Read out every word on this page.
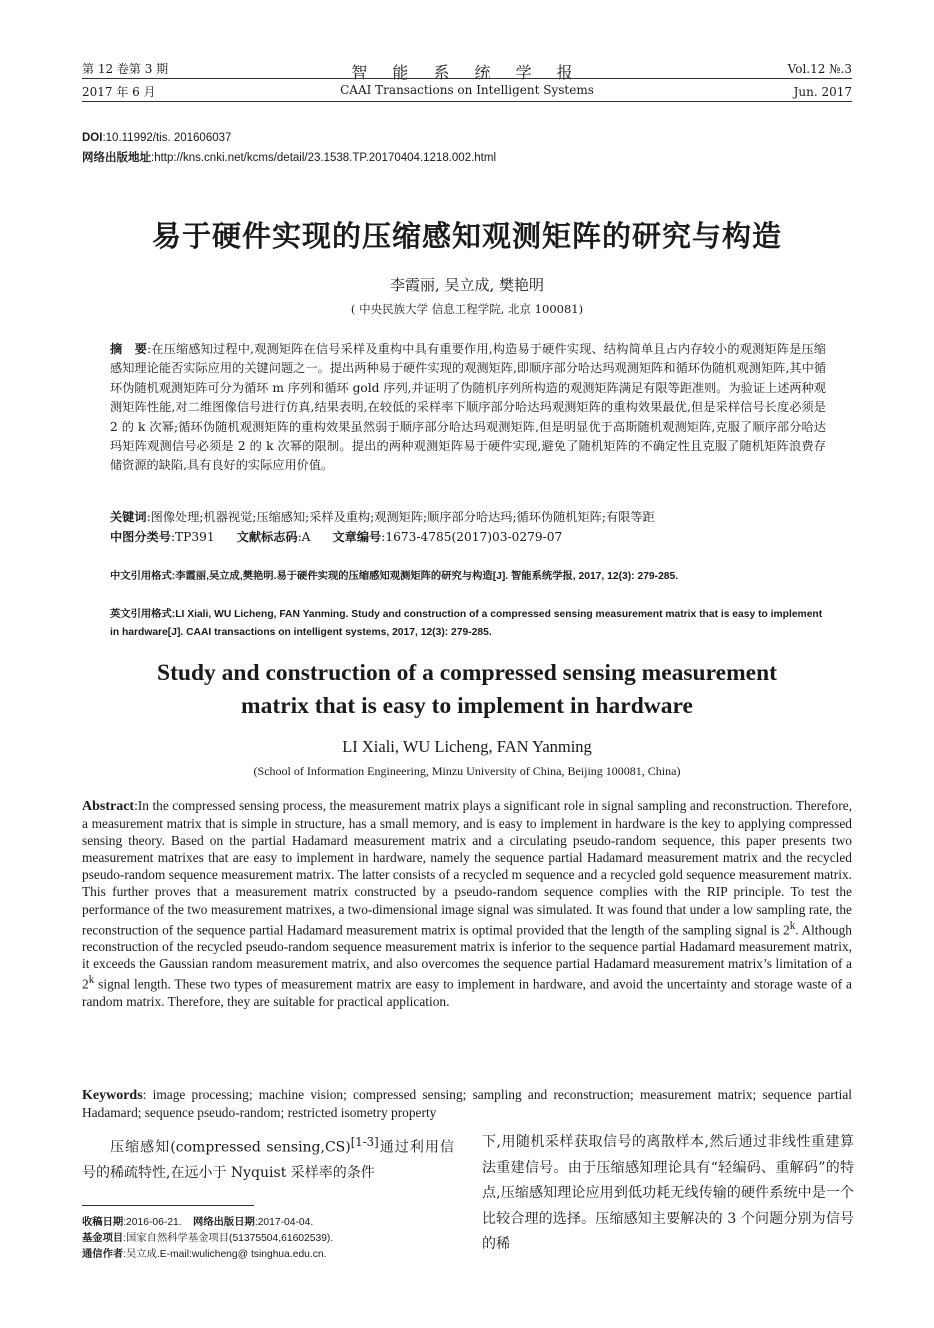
第 12 卷第 3 期	智 能 系 统 学 报	Vol.12 №.3
2017 年 6 月	CAAI Transactions on Intelligent Systems	Jun. 2017
DOI:10.11992/tis. 201606037
网络出版地址:http://kns.cnki.net/kcms/detail/23.1538.TP.20170404.1218.002.html
易于硬件实现的压缩感知观测矩阵的研究与构造
李霞丽, 吴立成, 樊艳明
( 中央民族大学 信息工程学院, 北京 100081)
摘　要:在压缩感知过程中,观测矩阵在信号采样及重构中具有重要作用,构造易于硬件实现、结构简单且占内存较小的观测矩阵是压缩感知理论能否实际应用的关键问题之一。提出两种易于硬件实现的观测矩阵,即顺序部分哈达玛观测矩阵和循环伪随机观测矩阵,其中循环伪随机观测矩阵可分为循环 m 序列和循环 gold 序列,并证明了伪随机序列所构造的观测矩阵满足有限等距准则。为验证上述两种观测矩阵性能,对二维图像信号进行仿真,结果表明,在较低的采样率下顺序部分哈达玛观测矩阵的重构效果最优,但是采样信号长度必须是 2 的 k 次幂;循环伪随机观测矩阵的重构效果虽然弱于顺序部分哈达玛观测矩阵,但是明显优于高斯随机观测矩阵,克服了顺序部分哈达玛矩阵观测信号必须是 2 的 k 次幂的限制。提出的两种观测矩阵易于硬件实现,避免了随机矩阵的不确定性且克服了随机矩阵浪费存储资源的缺陷,具有良好的实际应用价值。
关键词:图像处理;机器视觉;压缩感知;采样及重构;观测矩阵;顺序部分哈达玛;循环伪随机矩阵;有限等距
中图分类号:TP391 文献标志码:A 文章编号:1673-4785(2017)03-0279-07
中文引用格式:李霞丽,吴立成,樊艳明.易于硬件实现的压缩感知观测矩阵的研究与构造[J]. 智能系统学报, 2017, 12(3): 279-285.
英文引用格式:LI Xiali, WU Licheng, FAN Yanming. Study and construction of a compressed sensing measurement matrix that is easy to implement in hardware[J]. CAAI transactions on intelligent systems, 2017, 12(3): 279-285.
Study and construction of a compressed sensing measurement
matrix that is easy to implement in hardware
LI Xiali, WU Licheng, FAN Yanming
(School of Information Engineering, Minzu University of China, Beijing 100081, China)
Abstract:In the compressed sensing process, the measurement matrix plays a significant role in signal sampling and reconstruction. Therefore, a measurement matrix that is simple in structure, has a small memory, and is easy to implement in hardware is the key to applying compressed sensing theory. Based on the partial Hadamard measurement matrix and a circulating pseudo-random sequence, this paper presents two measurement matrixes that are easy to implement in hardware, namely the sequence partial Hadamard measurement matrix and the recycled pseudo-random sequence measurement matrix. The latter consists of a recycled m sequence and a recycled gold sequence measurement matrix. This further proves that a measurement matrix constructed by a pseudo-random sequence complies with the RIP principle. To test the performance of the two measurement matrixes, a two-dimensional image signal was simulated. It was found that under a low sampling rate, the reconstruction of the sequence partial Hadamard measurement matrix is optimal provided that the length of the sampling signal is 2$^k$. Although reconstruction of the recycled pseudo-random sequence measurement matrix is inferior to the sequence partial Hadamard measurement matrix, it exceeds the Gaussian random measurement matrix, and also overcomes the sequence partial Hadamard measurement matrix’s limitation of a 2$^k$ signal length. These two types of measurement matrix are easy to implement in hardware, and avoid the uncertainty and storage waste of a random matrix. Therefore, they are suitable for practical application.
Keywords: image processing; machine vision; compressed sensing; sampling and reconstruction; measurement matrix; sequence partial Hadamard; sequence pseudo-random; restricted isometry property

压缩感知(compressed sensing,CS)[1-3]通过利用信号的稀疏特性,在远小于 Nyquist 采样率的条件

下,用随机采样获取信号的离散样本,然后通过非线性重建算法重建信号。由于压缩感知理论具有“轻编码、重解码”的特点,压缩感知理论应用到低功耗无线传输的硬件系统中是一个比较合理的选择。压缩感知主要解决的 3 个问题分别为信号的稀

收稿日期:2016-06-21. 网络出版日期:2017-04-04.
基金项目:国家自然科学基金项目(51375504,61602539).
通信作者:吴立成.E-mail:wulicheng@ tsinghua.edu.cn.
